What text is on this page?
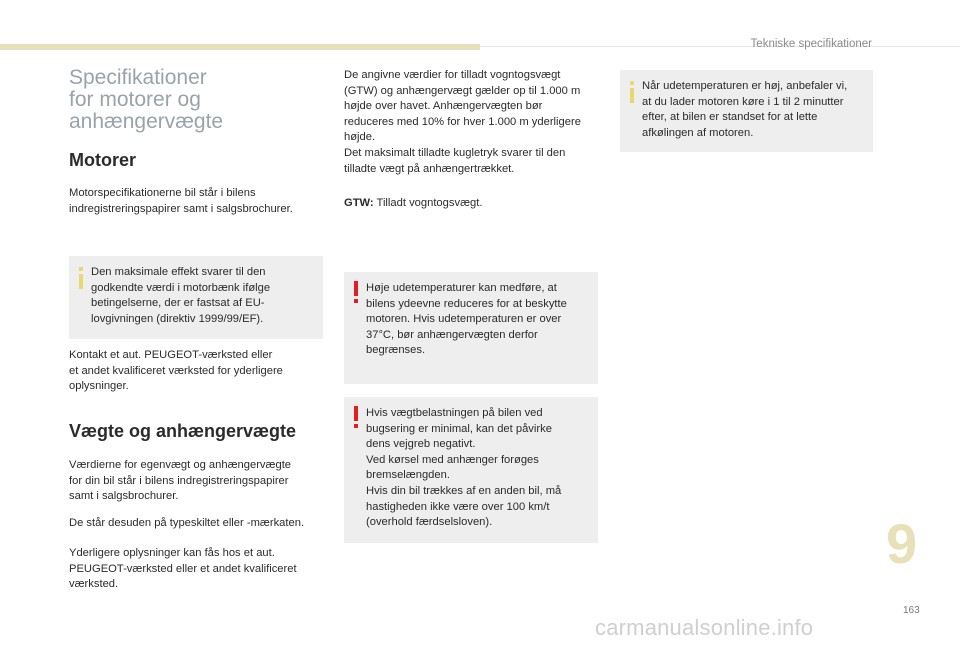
Tekniske specifikationer
Specifikationer
for motorer og
anhængervægte
Motorer

Motorspecifikationerne bil står i bilens
indregistreringspapirer samt i salgsbrochurer.

Den maksimale effekt svarer til den
godkendte værdi i motorbænk ifølge
betingelserne, der er fastsat af EU-
lovgivningen (direktiv 1999/99/EF).

Kontakt et aut. PEUGEOT-værksted eller
et andet kvalificeret værksted for yderligere
oplysninger.

Vægte og anhængervægte

Værdierne for egenvægt og anhængervægte
for din bil står i bilens indregistreringspapirer
samt i salgsbrochurer.

De står desuden på typeskiltet eller -mærkaten.

Yderligere oplysninger kan fås hos et aut.
PEUGEOT-værksted eller et andet kvalificeret
værksted.

De angivne værdier for tilladt vogntogsvægt
(GTW) og anhængervægt gælder op til 1.000 m
højde over havet. Anhængervægten bør
reduceres med 10% for hver 1.000 m yderligere
højde.
Det maksimalt tilladte kugletryk svarer til den
tilladte vægt på anhængertrækket.

GTW: Tilladt vogntogsvægt.

Høje udetemperaturer kan medføre, at
bilens ydeevne reduceres for at beskytte
motoren. Hvis udetemperaturen er over
37°C, bør anhængervægten derfor
begrænses.
Hvis vægtbelastningen på bilen ved
bugsering er minimal, kan det påvirke
dens vejgreb negativt.
Ved kørsel med anhænger forøges
bremselængden.
Hvis din bil trækkes af en anden bil, må
hastigheden ikke være over 100 km/t
(overhold færdselsloven).
Når udetemperaturen er høj, anbefaler vi,
at du lader motoren køre i 1 til 2 minutter
efter, at bilen er standset for at lette
afkølingen af motoren.
9
163
carmanualsonline.info
